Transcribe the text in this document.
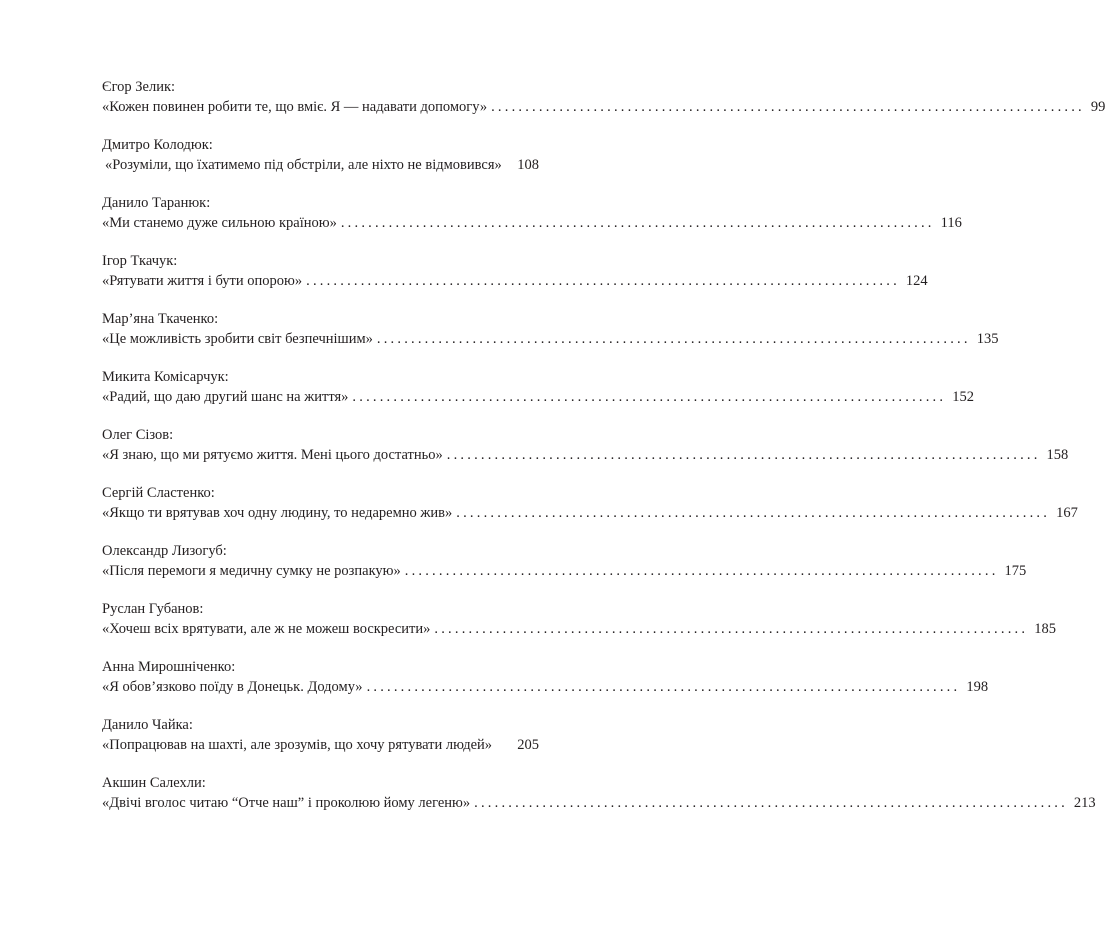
Єгор Зелик:
«Кожен повинен робити те, що вміє. Я — надавати допомогу» ....................................................................................... 99
Дмитро Колодюк:
«Розуміли, що їхатимемо під обстріли, але ніхто не відмовився» 108
Данило Таранюк:
«Ми станемо дуже сильною країною» ....................................................................................... 116
Ігор Ткачук:
«Рятувати життя і бути опорою» ....................................................................................... 124
Мар’яна Ткаченко:
«Це можливість зробити світ безпечнішим» ....................................................................................... 135
Микита Комісарчук:
«Радий, що даю другий шанс на життя» ....................................................................................... 152
Олег Сізов:
«Я знаю, що ми рятуємо життя. Мені цього достатньо» ....................................................................................... 158
Сергій Сластенко:
«Якщо ти врятував хоч одну людину, то недаремно жив» ....................................................................................... 167
Олександр Лизогуб:
«Після перемоги я медичну сумку не розпакую» ....................................................................................... 175
Руслан Губанов:
«Хочеш всіх врятувати, але ж не можеш воскресити» ....................................................................................... 185
Анна Мирошніченко:
«Я обов’язково поїду в Донецьк. Додому» ....................................................................................... 198
Данило Чайка:
«Попрацював на шахті, але зрозумів, що хочу рятувати людей» 205
Акшин Салехли:
«Двічі вголос читаю “Отче наш” і проколюю йому легеню» ....................................................................................... 213
